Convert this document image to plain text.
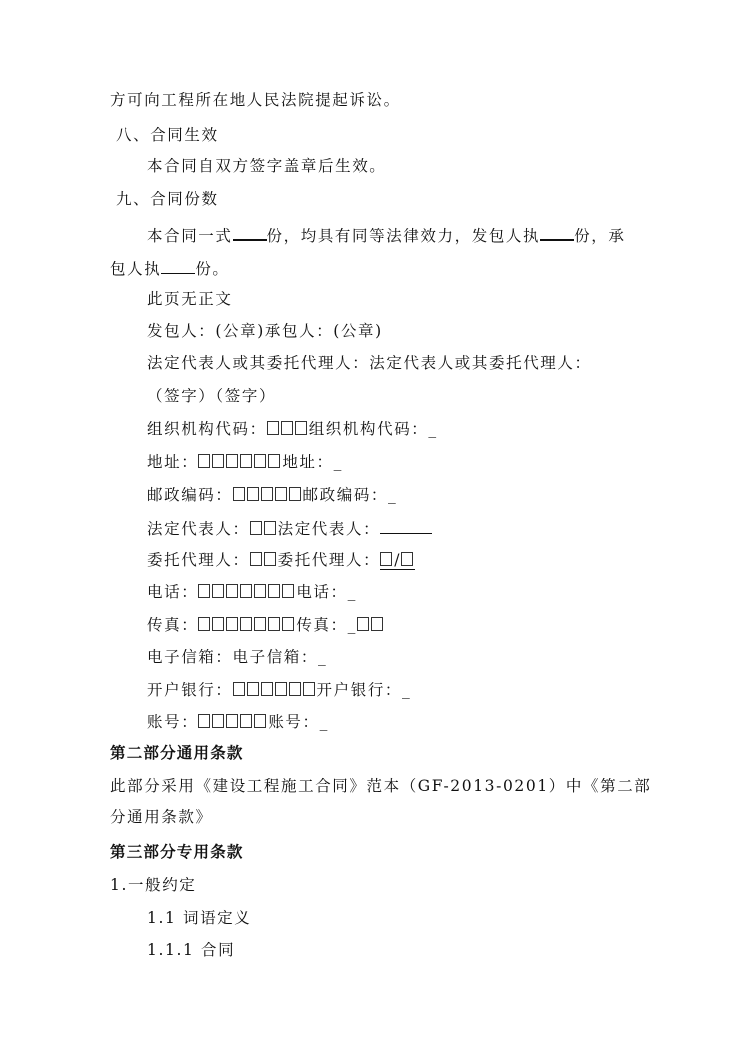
方可向工程所在地人民法院提起诉讼。

八、合同生效

本合同自双方签字盖章后生效。

九、合同份数

本合同一式 份，均具有同等法律效力，发包人执 份，承

包人执 份。

此页无正文

发包人：(公章)承包人：(公章)

法定代表人或其委托代理人：法定代表人或其委托代理人：

（签字）（签字）

组织机构代码：	组织机构代码：_

地址：	地址：_

邮政编码：	邮政编码：_

法定代表人： 法定代表人：

委托代理人： 委托代理人： /

电话：	电话：_

传真：	传真：_

电子信箱：电子信箱：_

开户银行：	开户银行：_

账号：	账号：_

第二部分通用条款

此部分采用《建设工程施工合同》范本（GF-2013-0201）中《第二部

分通用条款》

第三部分专用条款

1.一般约定

1.1 词语定义

1.1.1 合同
